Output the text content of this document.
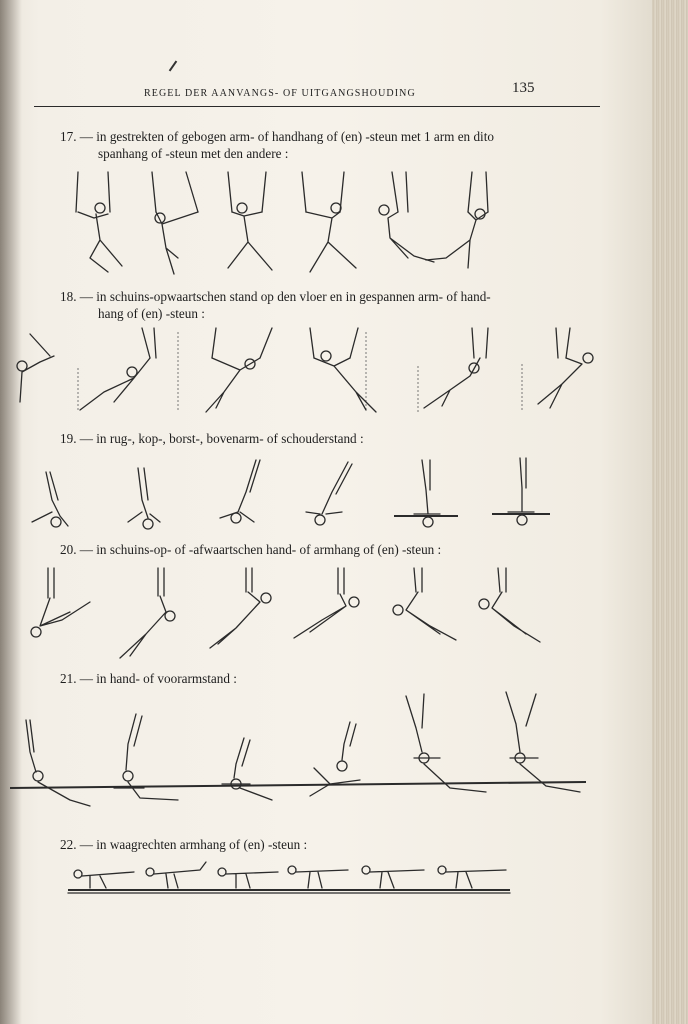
REGEL DER AANVANGS- OF UITGANGSHOUDING	135
17. — in gestrekten of gebogen arm- of handhang of (en) -steun met 1 arm en dito
spanhang of -steun met den andere :
18. — in schuins-opwaartschen stand op den vloer en in gespannen arm- of hand-
hang of (en) -steun :
19. — in rug-, kop-, borst-, bovenarm- of schouderstand :
20. — in schuins-op- of -afwaartschen hand- of armhang of (en) -steun :
21. — in hand- of voorarmstand :
22. — in waagrechten armhang of (en) -steun :
